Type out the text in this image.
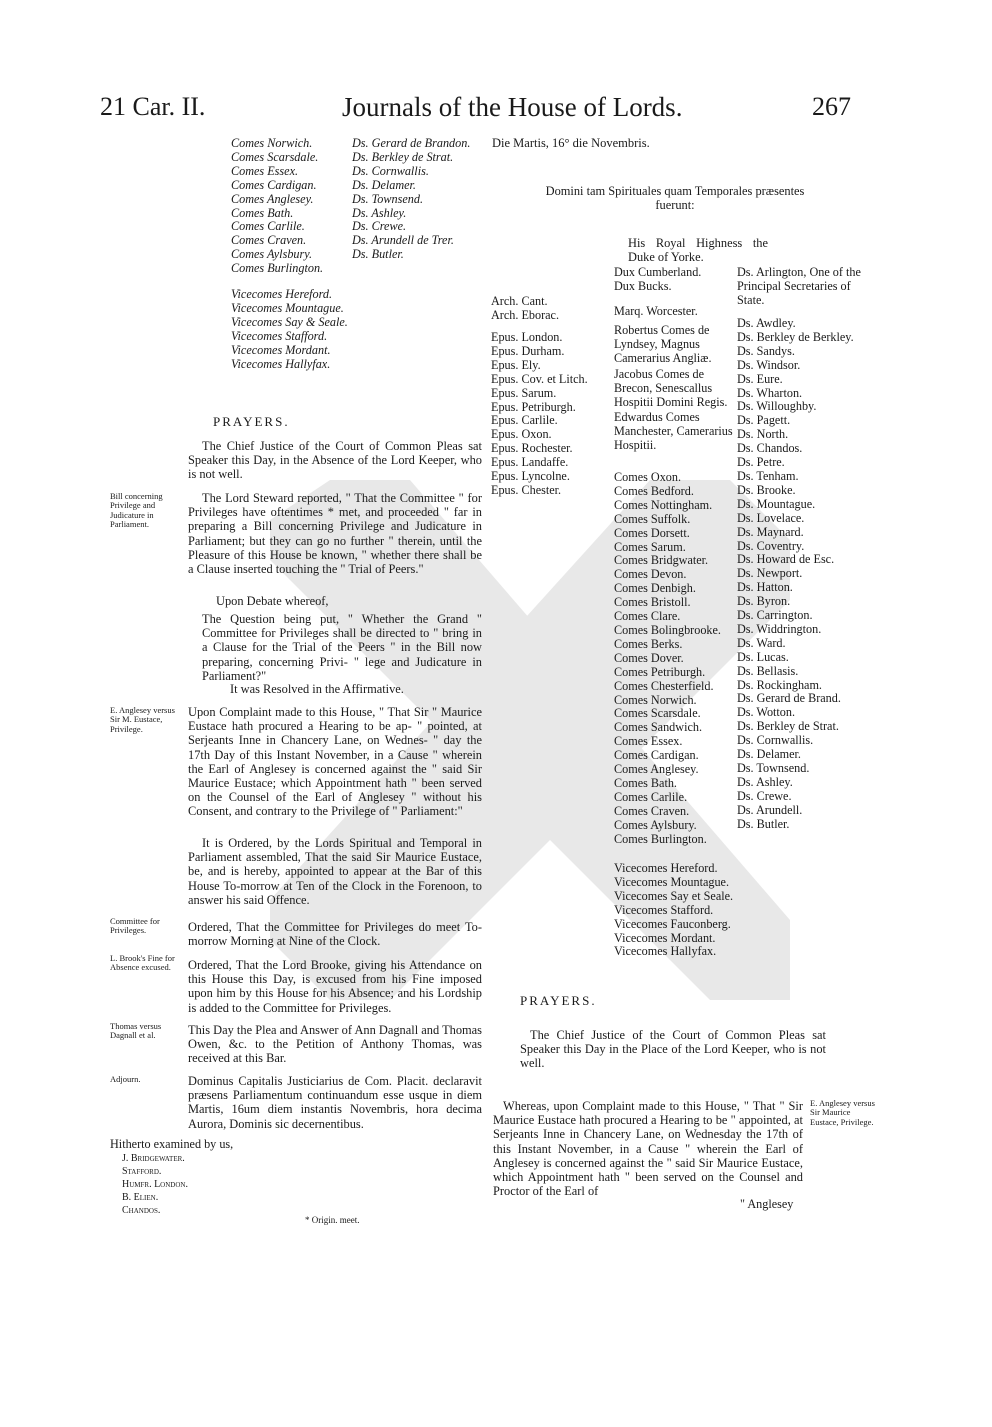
21 Car. II.	Journals of the House of Lords.	267
Comes Norwich.
Comes Scarsdale.
Comes Essex.
Comes Cardigan.
Comes Anglesey.
Comes Bath.
Comes Carlile.
Comes Craven.
Comes Aylsbury.
Comes Burlington.
Ds. Gerard de Brandon.
Ds. Berkley de Strat.
Ds. Cornwallis.
Ds. Delamer.
Ds. Townsend.
Ds. Ashley.
Ds. Crewe.
Ds. Arundell de Trer.
Ds. Butler.
Vicecomes Hereford.
Vicecomes Mountague.
Vicecomes Say & Seale.
Vicecomes Stafford.
Vicecomes Mordant.
Vicecomes Hallyfax.
PRAYERS.
The Chief Justice of the Court of Common Pleas sat Speaker this Day, in the Absence of the Lord Keeper, who is not well.
Bill concerning Privilege and Judicature in Parliament.
The Lord Steward reported, " That the Committee " for Privileges have oftentimes * met, and proceeded " far in preparing a Bill concerning Privilege and Judicature in Parliament; but they can go no further " therein, until the Pleasure of this House be known, " whether there shall be a Clause inserted touching the " Trial of Peers."
Upon Debate whereof,
The Question being put, " Whether the Grand " Committee for Privileges shall be directed to " bring in a Clause for the Trial of the Peers " in the Bill now preparing, concerning Privi- " lege and Judicature in Parliament?"
It was Resolved in the Affirmative.
E. Anglesey versus Sir M. Eustace, Privilege.
Upon Complaint made to this House, " That Sir " Maurice Eustace hath procured a Hearing to be ap- " pointed, at Serjeants Inne in Chancery Lane, on Wednes- " day the 17th Day of this Instant November, in a Cause " wherein the Earl of Anglesey is concerned against the " said Sir Maurice Eustace; which Appointment hath " been served on the Counsel of the Earl of Anglesey " without his Consent, and contrary to the Privilege of " Parliament:"
It is Ordered, by the Lords Spiritual and Temporal in Parliament assembled, That the said Sir Maurice Eustace, be, and is hereby, appointed to appear at the Bar of this House To-morrow at Ten of the Clock in the Forenoon, to answer his said Offence.
Committee for Privileges.	Ordered, That the Committee for Privileges do meet To-morrow Morning at Nine of the Clock.
L. Brook's Fine for Absence excused.	Ordered, That the Lord Brooke, giving his Attendance on this House this Day, is excused from his Fine imposed upon him by this House for his Absence; and his Lordship is added to the Committee for Privileges.
Thomas versus Dagnall et al.	This Day the Plea and Answer of Ann Dagnall and Thomas Owen, &c. to the Petition of Anthony Thomas, was received at this Bar.
Adjourn.	Dominus Capitalis Justiciarius de Com. Placit. declaravit præsens Parliamentum continuandum esse usque in diem Martis, 16um diem instantis Novembris, hora decima Aurora, Dominis sic decernentibus.
Hitherto examined by us,
J. Bridgewater.
Stafford.
Humfr. London.
B. Elien.
Chandos.
* Origin. meet.
Die Martis, 16° die Novembris.
Domini tam Spirituales quam Temporales præsentes fuerunt:
His Royal Highness the Duke of Yorke.
Arch. Cant.
Arch. Eborac.
Epus. London.
Epus. Durham.
Epus. Ely.
Epus. Cov. et Litch.
Epus. Sarum.
Epus. Petriburgh.
Epus. Carlile.
Epus. Oxon.
Epus. Rochester.
Epus. Landaffe.
Epus. Lyncolne.
Epus. Chester.
Dux Cumberland.
Dux Bucks.
Marq. Worcester.
Robertus Comes de Lyndsey, Magnus Camerarius Angliæ.
Jacobus Comes de Brecon, Senescallus Hospitii Domini Regis.
Edwardus Comes Manchester, Camerarius Hospitii.
Comes Oxon.
Comes Bedford.
Comes Nottingham.
Comes Suffolk.
Comes Dorsett.
Comes Sarum.
Comes Bridgwater.
Comes Devon.
Comes Denbigh.
Comes Bristoll.
Comes Clare.
Comes Bolingbrooke.
Comes Berks.
Comes Dover.
Comes Petriburgh.
Comes Chesterfield.
Comes Norwich.
Comes Scarsdale.
Comes Sandwich.
Comes Essex.
Comes Cardigan.
Comes Anglesey.
Comes Bath.
Comes Carlile.
Comes Craven.
Comes Aylsbury.
Comes Burlington.
Vicecomes Hereford.
Vicecomes Mountague.
Vicecomes Say et Seale.
Vicecomes Stafford.
Vicecomes Fauconberg.
Vicecomes Mordant.
Vicecomes Hallyfax.
Ds. Arlington, One of the Principal Secretaries of State.
Ds. Awdley.
Ds. Berkley de Berkley.
Ds. Sandys.
Ds. Windsor.
Ds. Eure.
Ds. Wharton.
Ds. Willoughby.
Ds. Pagett.
Ds. North.
Ds. Chandos.
Ds. Petre.
Ds. Tenham.
Ds. Brooke.
Ds. Mountague.
Ds. Lovelace.
Ds. Maynard.
Ds. Coventry.
Ds. Howard de Esc.
Ds. Newport.
Ds. Hatton.
Ds. Byron.
Ds. Carrington.
Ds. Widdrington.
Ds. Ward.
Ds. Lucas.
Ds. Bellasis.
Ds. Rockingham.
Ds. Gerard de Brand.
Ds. Wotton.
Ds. Berkley de Strat.
Ds. Cornwallis.
Ds. Delamer.
Ds. Townsend.
Ds. Ashley.
Ds. Crewe.
Ds. Arundell.
Ds. Butler.
PRAYERS.
The Chief Justice of the Court of Common Pleas sat Speaker this Day in the Place of the Lord Keeper, who is not well.
Whereas, upon Complaint made to this House, " That " Sir Maurice Eustace hath procured a Hearing to be " appointed, at Serjeants Inne in Chancery Lane, on Wednesday the 17th of this Instant November, in a Cause " wherein the Earl of Anglesey is concerned against the " said Sir Maurice Eustace, which Appointment hath " been served on the Counsel and Proctor of the Earl of
" Anglesey
E. Anglesey versus Sir Maurice Eustace, Privilege.
